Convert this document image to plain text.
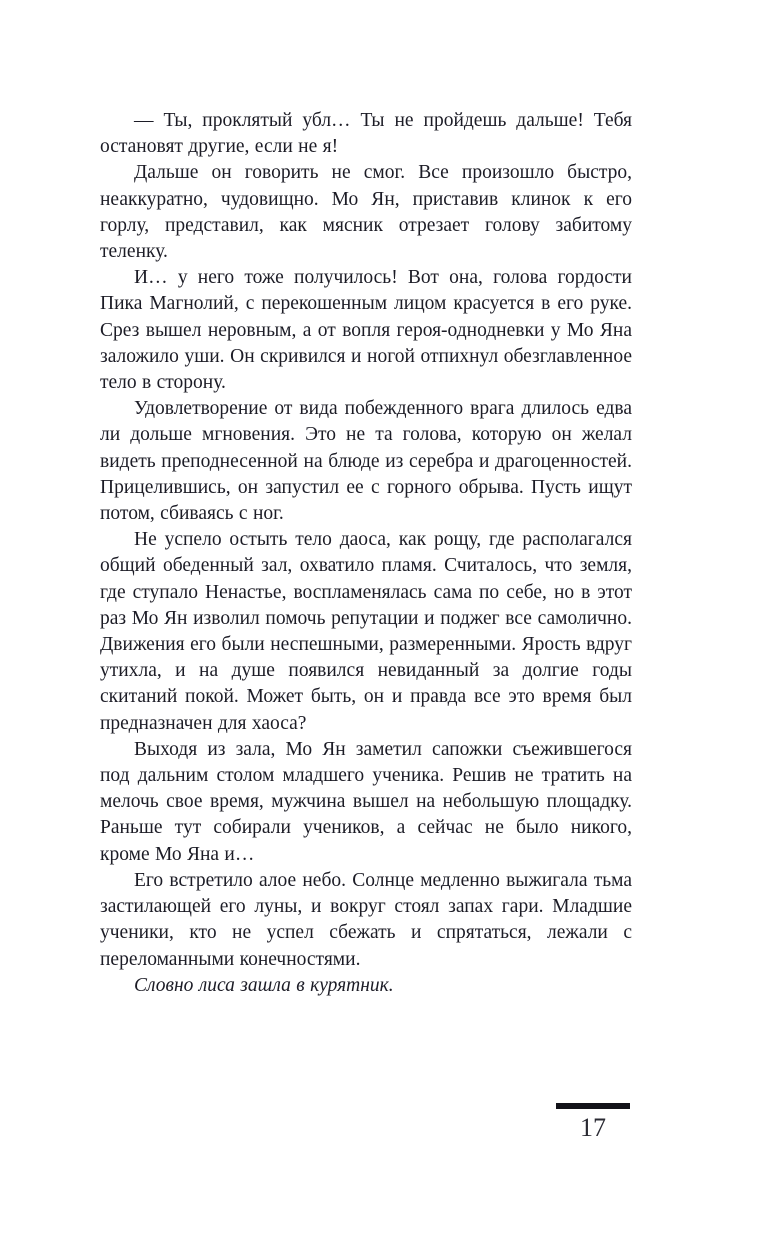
— Ты, проклятый убл… Ты не пройдешь дальше! Тебя остановят другие, если не я!

Дальше он говорить не смог. Все произошло быстро, неаккуратно, чудовищно. Мо Ян, приставив клинок к его горлу, представил, как мясник отрезает голову забитому теленку.

И… у него тоже получилось! Вот она, голова гордости Пика Магнолий, с перекошенным лицом красуется в его руке. Срез вышел неровным, а от вопля героя-однодневки у Мо Яна заложило уши. Он скривился и ногой отпихнул обезглавленное тело в сторону.

Удовлетворение от вида побежденного врага длилось едва ли дольше мгновения. Это не та голова, которую он желал видеть преподнесенной на блюде из серебра и драгоценностей. Прицелившись, он запустил ее с горного обрыва. Пусть ищут потом, сбиваясь с ног.

Не успело остыть тело даоса, как рощу, где располагался общий обеденный зал, охватило пламя. Считалось, что земля, где ступало Ненастье, воспламенялась сама по себе, но в этот раз Мо Ян изволил помочь репутации и поджег все самолично. Движения его были неспешными, размеренными. Ярость вдруг утихла, и на душе появился невиданный за долгие годы скитаний покой. Может быть, он и правда все это время был предназначен для хаоса?

Выходя из зала, Мо Ян заметил сапожки съежившегося под дальним столом младшего ученика. Решив не тратить на мелочь свое время, мужчина вышел на небольшую площадку. Раньше тут собирали учеников, а сейчас не было никого, кроме Мо Яна и…

Его встретило алое небо. Солнце медленно выжигала тьма застилающей его луны, и вокруг стоял запах гари. Младшие ученики, кто не успел сбежать и спрятаться, лежали с переломанными конечностями.

Словно лиса зашла в курятник.

17
